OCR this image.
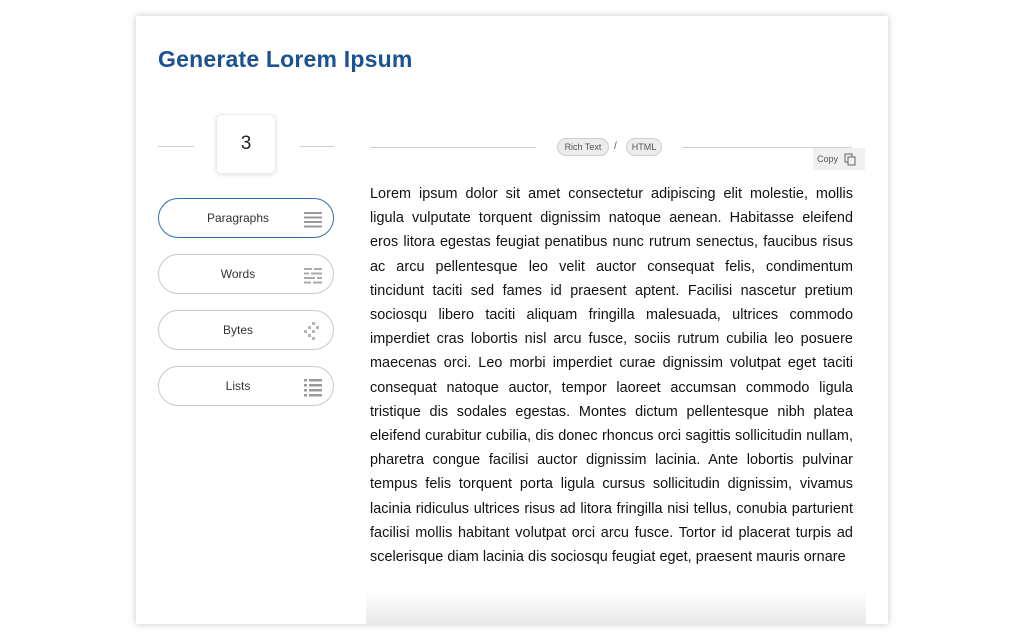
Generate Lorem Ipsum
3
Paragraphs
Words
Bytes
Lists
Rich Text	/	HTML
Copy
Lorem ipsum dolor sit amet consectetur adipiscing elit molestie, mollis ligula vulputate torquent dignissim natoque aenean. Habitasse eleifend eros litora egestas feugiat penatibus nunc rutrum senectus, faucibus risus ac arcu pellentesque leo velit auctor consequat felis, condimentum tincidunt taciti sed fames id praesent aptent. Facilisi nascetur pretium sociosqu libero taciti aliquam fringilla malesuada, ultrices commodo imperdiet cras lobortis nisl arcu fusce, sociis rutrum cubilia leo posuere maecenas orci. Leo morbi imperdiet curae dignissim volutpat eget taciti consequat natoque auctor, tempor laoreet accumsan commodo ligula tristique dis sodales egestas. Montes dictum pellentesque nibh platea eleifend curabitur cubilia, dis donec rhoncus orci sagittis sollicitudin nullam, pharetra congue facilisi auctor dignissim lacinia. Ante lobortis pulvinar tempus felis torquent porta ligula cursus sollicitudin dignissim, vivamus lacinia ridiculus ultrices risus ad litora fringilla nisi tellus, conubia parturient facilisi mollis habitant volutpat orci arcu fusce. Tortor id placerat turpis ad scelerisque diam lacinia dis sociosqu feugiat eget, praesent mauris ornare
